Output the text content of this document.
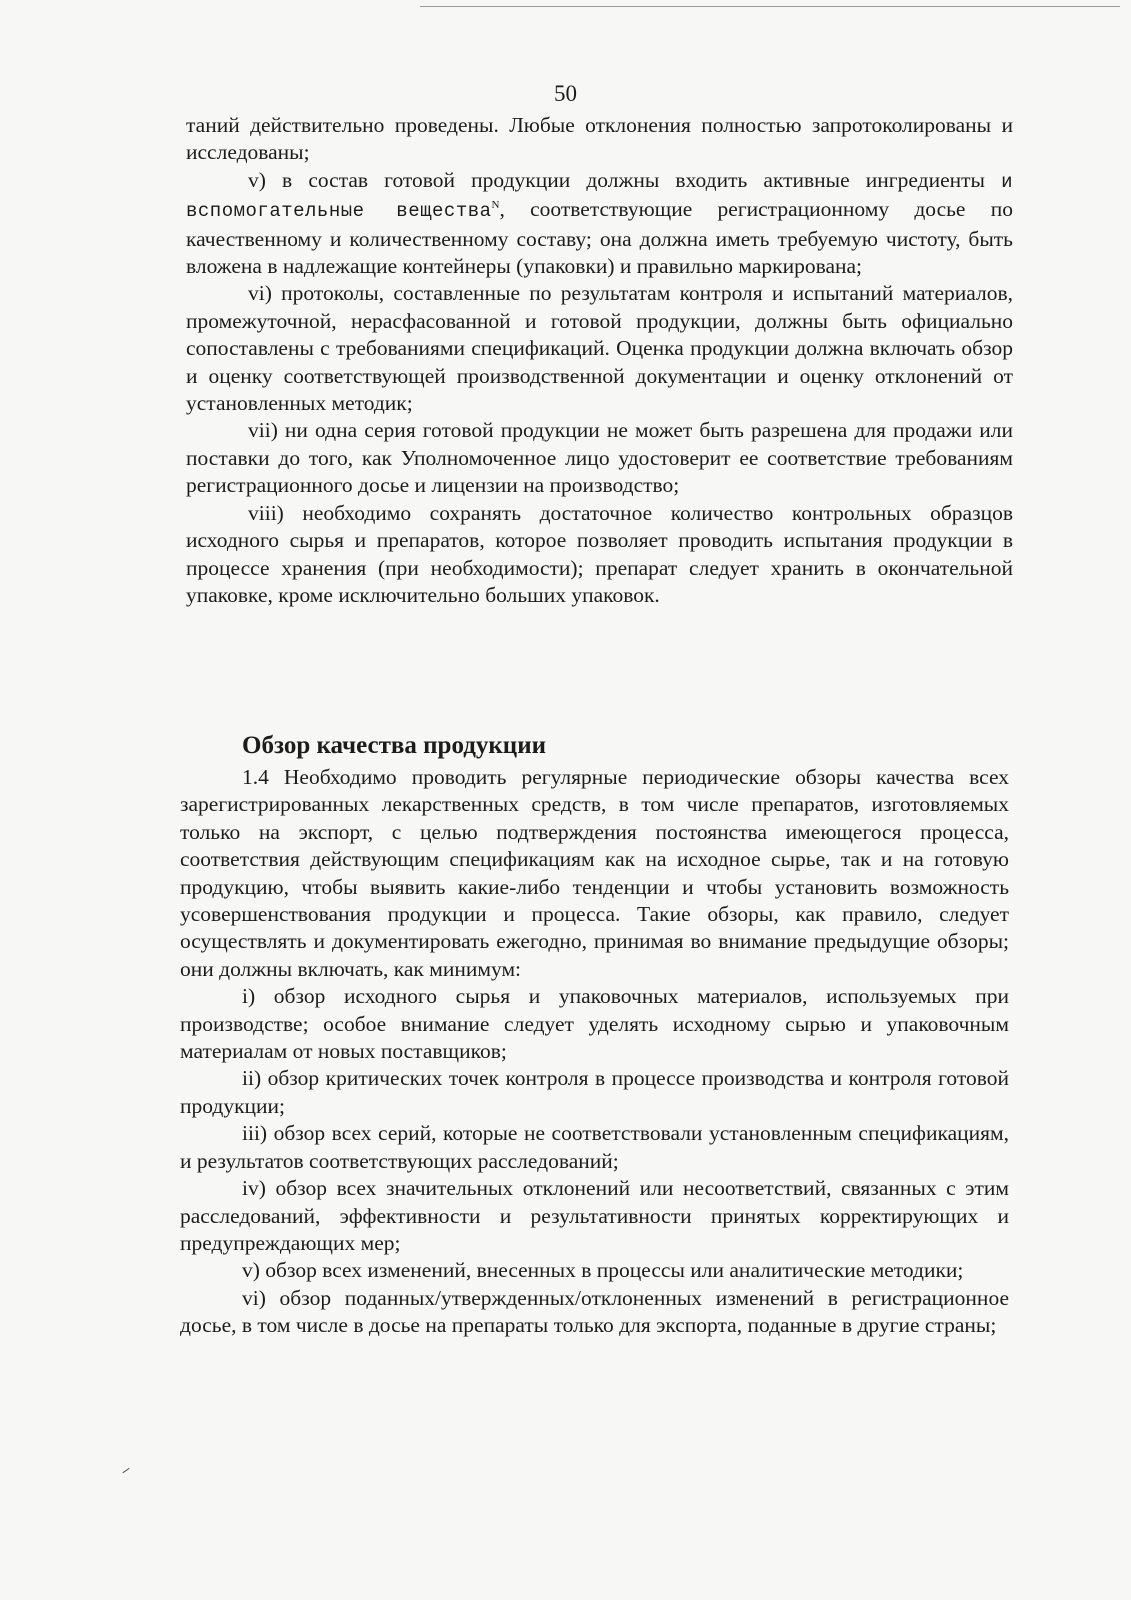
50

таний действительно проведены. Любые отклонения полностью запротоколированы и исследованы;

v) в состав готовой продукции должны входить активные ингредиенты и вспомогательные вещества$^N$, соответствующие регистрационному досье по качественному и количественному составу; она должна иметь требуемую чистоту, быть вложена в надлежащие контейнеры (упаковки) и правильно маркирована;

vi) протоколы, составленные по результатам контроля и испытаний материалов, промежуточной, нерасфасованной и готовой продукции, должны быть официально сопоставлены с требованиями спецификаций. Оценка продукции должна включать обзор и оценку соответствующей производственной документации и оценку отклонений от установленных методик;

vii) ни одна серия готовой продукции не может быть разрешена для продажи или поставки до того, как Уполномоченное лицо удостоверит ее соответствие требованиям регистрационного досье и лицензии на производство;

viii) необходимо сохранять достаточное количество контрольных образцов исходного сырья и препаратов, которое позволяет проводить испытания продукции в процессе хранения (при необходимости); препарат следует хранить в окончательной упаковке, кроме исключительно больших упаковок.

Обзор качества продукции

1.4 Необходимо проводить регулярные периодические обзоры качества всех зарегистрированных лекарственных средств, в том числе препаратов, изготовляемых только на экспорт, с целью подтверждения постоянства имеющегося процесса, соответствия действующим спецификациям как на исходное сырье, так и на готовую продукцию, чтобы выявить какие-либо тенденции и чтобы установить возможность усовершенствования продукции и процесса. Такие обзоры, как правило, следует осуществлять и документировать ежегодно, принимая во внимание предыдущие обзоры; они должны включать, как минимум:

i) обзор исходного сырья и упаковочных материалов, используемых при производстве; особое внимание следует уделять исходному сырью и упаковочным материалам от новых поставщиков;

ii) обзор критических точек контроля в процессе производства и контроля готовой продукции;

iii) обзор всех серий, которые не соответствовали установленным спецификациям, и результатов соответствующих расследований;

iv) обзор всех значительных отклонений или несоответствий, связанных с этим расследований, эффективности и результативности принятых корректирующих и предупреждающих мер;

v) обзор всех изменений, внесенных в процессы или аналитические методики;

vi) обзор поданных/утвержденных/отклоненных изменений в регистрационное досье, в том числе в досье на препараты только для экспорта, поданные в другие страны;
